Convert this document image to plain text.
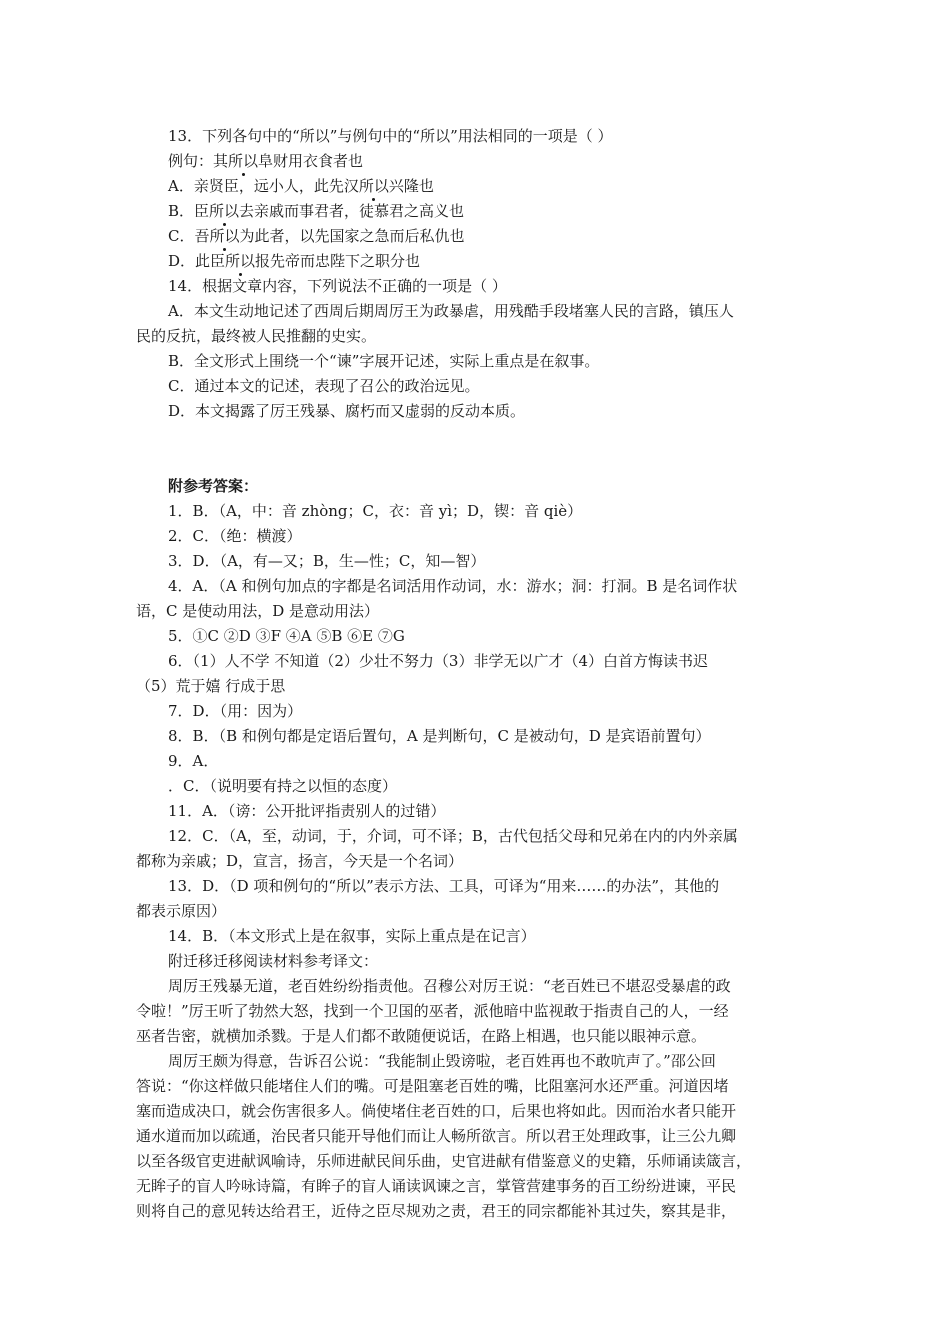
13．下列各句中的“所以”与例句中的“所以”用法相同的一项是（ ）
例句：其所以阜财用衣食者也
A．亲贤臣，远小人，此先汉所以兴隆也
B．臣所以去亲戚而事君者，徒慕君之高义也
C．吾所以为此者，以先国家之急而后私仇也
D．此臣所以报先帝而忠陛下之职分也
14．根据文章内容，下列说法不正确的一项是（ ）
A．本文生动地记述了西周后期周厉王为政暴虐，用残酷手段堵塞人民的言路，镇压人
民的反抗，最终被人民推翻的史实。
B．全文形式上围绕一个“谏”字展开记述，实际上重点是在叙事。
C．通过本文的记述，表现了召公的政治远见。
D．本文揭露了厉王残暴、腐朽而又虚弱的反动本质。
附参考答案：
1．B．（A，中：音 zhòng；C，衣：音 yì；D，锲：音 qiè）
2．C．（绝：横渡）
3．D．（A，有—又；B，生—性；C，知—智）
4．A．（A 和例句加点的字都是名词活用作动词，水：游水；洞：打洞。B 是名词作状
语，C 是使动用法，D 是意动用法）
5．①C ②D ③F ④A ⑤B ⑥E ⑦G
6．（1）人不学 不知道（2）少壮不努力（3）非学无以广才（4）白首方悔读书迟
（5）荒于嬉 行成于思
7．D．（用：因为）
8．B．（B 和例句都是定语后置句，A 是判断句，C 是被动句，D 是宾语前置句）
9．A．
．C．（说明要有持之以恒的态度）
11．A．（谤：公开批评指责别人的过错）
12．C．（A，至，动词，于，介词，可不译；B，古代包括父母和兄弟在内的内外亲属
都称为亲戚；D，宣言，扬言，今天是一个名词）
13．D．（D 项和例句的“所以”表示方法、工具，可译为“用来……的办法”，其他的
都表示原因）
14．B．（本文形式上是在叙事，实际上重点是在记言）
附迁移迁移阅读材料参考译文：
周厉王残暴无道，老百姓纷纷指责他。召穆公对厉王说：“老百姓已不堪忍受暴虐的政
令啦！”厉王听了勃然大怒，找到一个卫国的巫者，派他暗中监视敢于指责自己的人，一经
巫者告密，就横加杀戮。于是人们都不敢随便说话，在路上相遇，也只能以眼神示意。
周厉王颇为得意，告诉召公说：“我能制止毁谤啦，老百姓再也不敢吭声了。”邵公回
答说：“你这样做只能堵住人们的嘴。可是阻塞老百姓的嘴，比阻塞河水还严重。河道因堵
塞而造成决口，就会伤害很多人。倘使堵住老百姓的口，后果也将如此。因而治水者只能开
通水道而加以疏通，治民者只能开导他们而让人畅所欲言。所以君王处理政事，让三公九卿
以至各级官吏进献讽喻诗，乐师进献民间乐曲，史官进献有借鉴意义的史籍，乐师诵读箴言，
无眸子的盲人吟咏诗篇，有眸子的盲人诵读讽谏之言，掌管营建事务的百工纷纷进谏，平民
则将自己的意见转达给君王，近侍之臣尽规劝之责，君王的同宗都能补其过失，察其是非，
